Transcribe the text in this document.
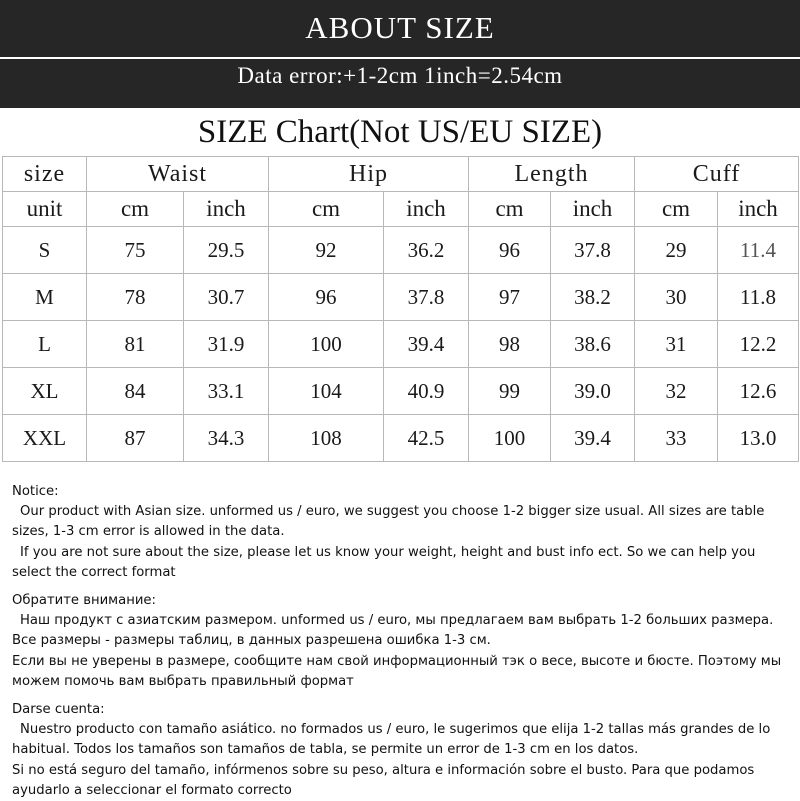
ABOUT SIZE
Data error:+1-2cm 1inch=2.54cm
SIZE Chart(Not US/EU SIZE)
size	Waist		Hip		Length		Cuff	
unit	cm	inch	cm	inch	cm	inch	cm	inch
S	75	29.5	92	36.2	96	37.8	29	11.4
M	78	30.7	96	37.8	97	38.2	30	11.8
L	81	31.9	100	39.4	98	38.6	31	12.2
XL	84	33.1	104	40.9	99	39.0	32	12.6
XXL	87	34.3	108	42.5	100	39.4	33	13.0

Notice:

Our product with Asian size. unformed us / euro, we suggest you choose 1-2 bigger size usual. All sizes are table sizes, 1-3 cm error is allowed in the data.

If you are not sure about the size, please let us know your weight, height and bust info ect. So we can help you select the correct format

Обратите внимание:

Наш продукт с азиатским размером. unformed us / euro, мы предлагаем вам выбрать 1-2 больших размера. Все размеры - размеры таблиц, в данных разрешена ошибка 1-3 см.

Если вы не уверены в размере, сообщите нам свой информационный тэк о весе, высоте и бюсте. Поэтому мы можем помочь вам выбрать правильный формат

Darse cuenta:

Nuestro producto con tamaño asiático. no formados us / euro, le sugerimos que elija 1-2 tallas más grandes de lo habitual. Todos los tamaños son tamaños de tabla, se permite un error de 1-3 cm en los datos.

Si no está seguro del tamaño, infórmenos sobre su peso, altura e información sobre el busto. Para que podamos ayudarlo a seleccionar el formato correcto
